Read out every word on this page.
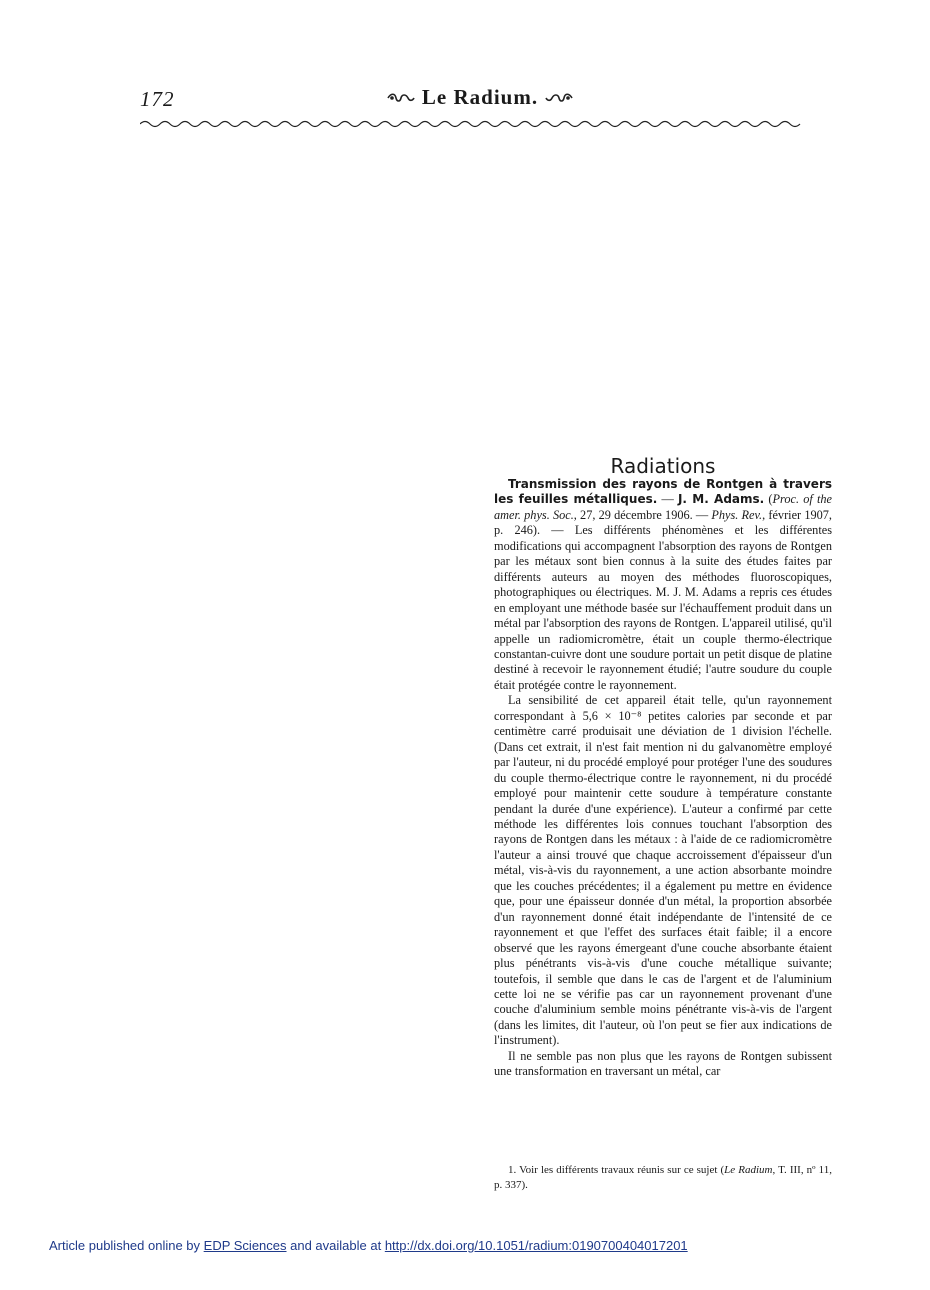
172	Le Radium.
Radiations

Transmission des rayons de Rontgen à travers les feuilles métalliques. — J. M. Adams. (Proc. of the amer. phys. Soc., 27, 29 décembre 1906. — Phys. Rev., février 1907, p. 246). — Les différents phénomènes et les différentes modifications qui accompagnent l'absorption des rayons de Rontgen par les métaux sont bien connus à la suite des études faites par différents auteurs au moyen des méthodes fluoroscopiques, photographiques ou électriques. M. J. M. Adams a repris ces études en employant une méthode basée sur l'échauffement produit dans un métal par l'absorption des rayons de Rontgen. L'appareil utilisé, qu'il appelle un radiomicromètre, était un couple thermo-électrique constantan-cuivre dont une soudure portait un petit disque de platine destiné à recevoir le rayonnement étudié; l'autre soudure du couple était protégée contre le rayonnement.

La sensibilité de cet appareil était telle, qu'un rayonnement correspondant à 5,6 × 10⁻⁸ petites calories par seconde et par centimètre carré produisait une déviation de 1 division l'échelle. (Dans cet extrait, il n'est fait mention ni du galvanomètre employé par l'auteur, ni du procédé employé pour protéger l'une des soudures du couple thermo-électrique contre le rayonnement, ni du procédé employé pour maintenir cette soudure à température constante pendant la durée d'une expérience). L'auteur a confirmé par cette méthode les différentes lois connues touchant l'absorption des rayons de Rontgen dans les métaux : à l'aide de ce radiomicromètre l'auteur a ainsi trouvé que chaque accroissement d'épaisseur d'un métal, vis-à-vis du rayonnement, a une action absorbante moindre que les couches précédentes; il a également pu mettre en évidence que, pour une épaisseur donnée d'un métal, la proportion absorbée d'un rayonnement donné était indépendante de l'intensité de ce rayonnement et que l'effet des surfaces était faible; il a encore observé que les rayons émergeant d'une couche absorbante étaient plus pénétrants vis-à-vis d'une couche métallique suivante; toutefois, il semble que dans le cas de l'argent et de l'aluminium cette loi ne se vérifie pas car un rayonnement provenant d'une couche d'aluminium semble moins pénétrante vis-à-vis de l'argent (dans les limites, dit l'auteur, où l'on peut se fier aux indications de l'instrument).

Il ne semble pas non plus que les rayons de Rontgen subissent une transformation en traversant un métal, car

1. Voir les différents travaux réunis sur ce sujet (Le Radium, T. III, nº 11, p. 337).

Article published online by EDP Sciences and available at http://dx.doi.org/10.1051/radium:0190700404017201
